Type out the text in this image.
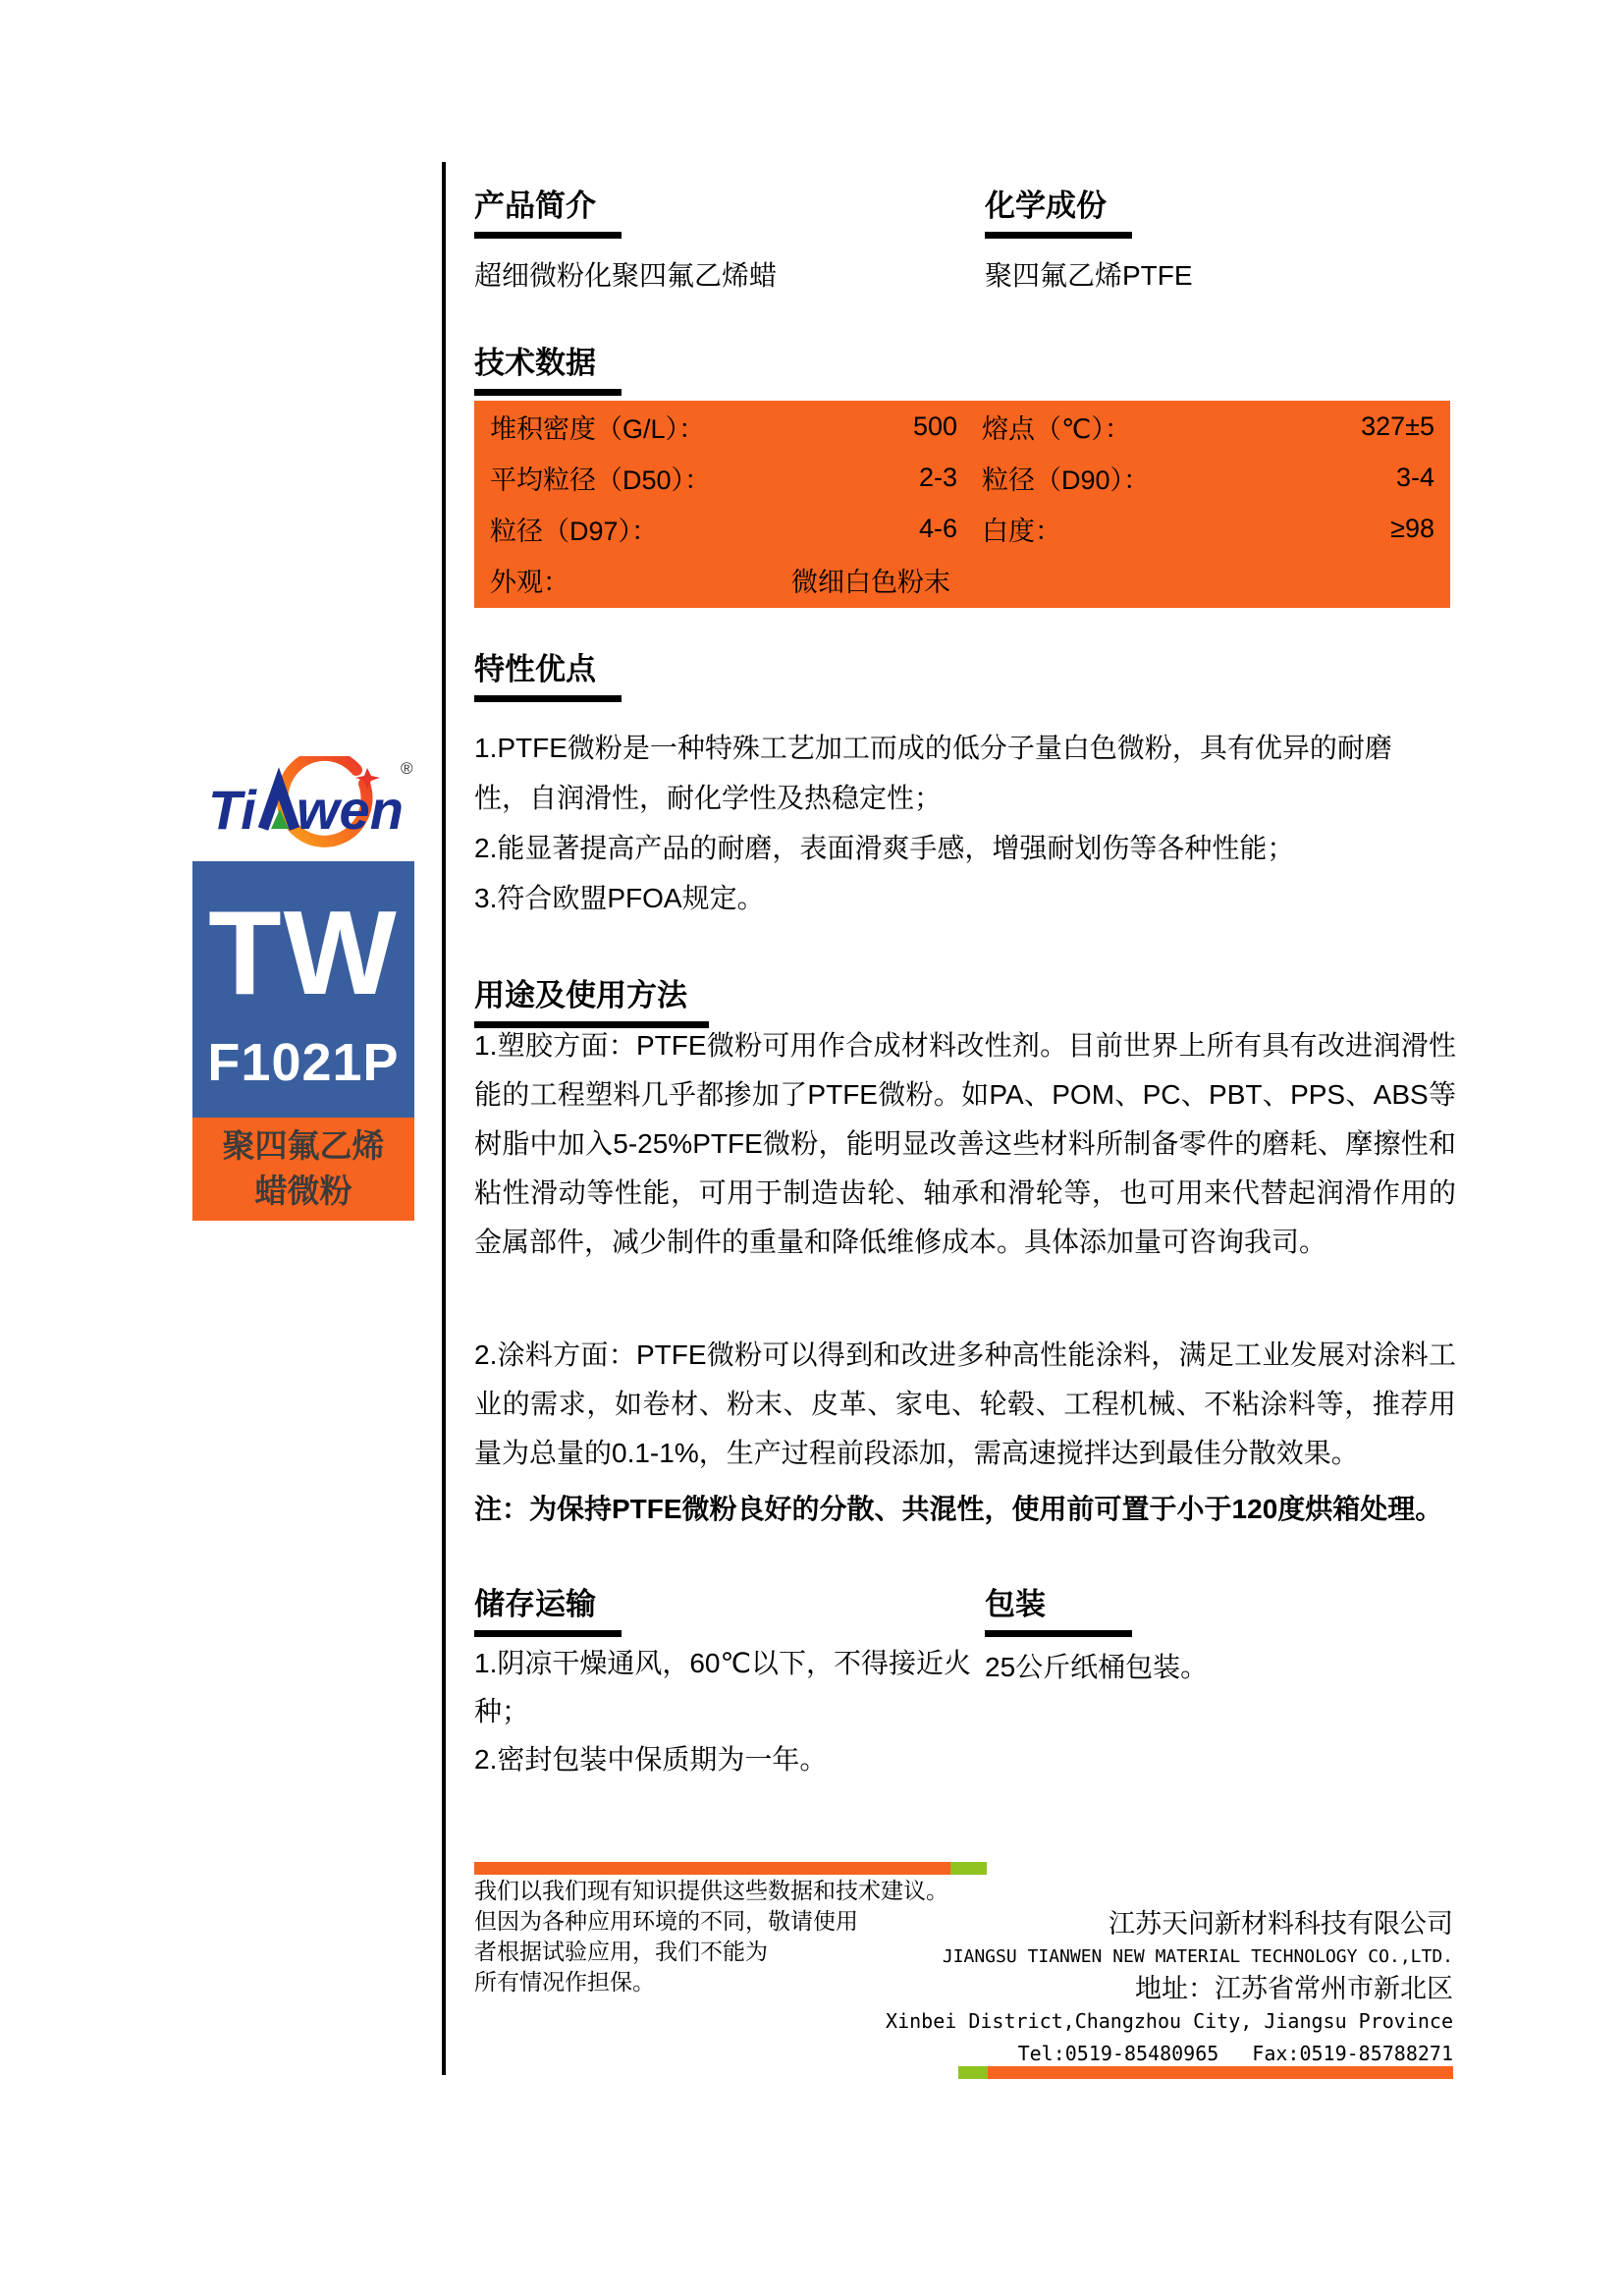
Ti wen
®
TW
F1021P
聚四氟乙烯
蜡微粉
产品简介
超细微粉化聚四氟乙烯蜡
化学成份
聚四氟乙烯PTFE
技术数据
堆积密度（G/L）：	500 熔点（℃）：	327±5
平均粒径（D50）：	2-3 粒径（D90）：	3-4
粒径（D97）：	4-6 白度：	≥98
外观：	微细白色粉末
特性优点
1.PTFE微粉是一种特殊工艺加工而成的低分子量白色微粉，具有优异的耐磨性，自润滑性，耐化学性及热稳定性；
2.能显著提高产品的耐磨，表面滑爽手感，增强耐划伤等各种性能；
3.符合欧盟PFOA规定。
用途及使用方法
1.塑胶方面：PTFE微粉可用作合成材料改性剂。目前世界上所有具有改进润滑性能的工程塑料几乎都掺加了PTFE微粉。如PA、POM、PC、PBT、PPS、ABS等树脂中加入5-25%PTFE微粉，能明显改善这些材料所制备零件的磨耗、摩擦性和粘性滑动等性能，可用于制造齿轮、轴承和滑轮等，也可用来代替起润滑作用的金属部件，减少制件的重量和降低维修成本。具体添加量可咨询我司。
2.涂料方面：PTFE微粉可以得到和改进多种高性能涂料，满足工业发展对涂料工业的需求，如卷材、粉末、皮革、家电、轮毂、工程机械、不粘涂料等，推荐用量为总量的0.1-1%，生产过程前段添加，需高速搅拌达到最佳分散效果。
注：为保持PTFE微粉良好的分散、共混性，使用前可置于小于120度烘箱处理。
储存运输
1.阴凉干燥通风，60℃以下，不得接近火种；
2.密封包装中保质期为一年。
包装
25公斤纸桶包装。
我们以我们现有知识提供这些数据和技术建议。
但因为各种应用环境的不同，敬请使用
者根据试验应用，我们不能为
所有情况作担保。
江苏天问新材料科技有限公司
JIANGSU TIANWEN NEW MATERIAL TECHNOLOGY CO.,LTD.
地址：江苏省常州市新北区
Xinbei District,Changzhou City, Jiangsu Province
Tel:0519-85480965 Fax:0519-85788271
